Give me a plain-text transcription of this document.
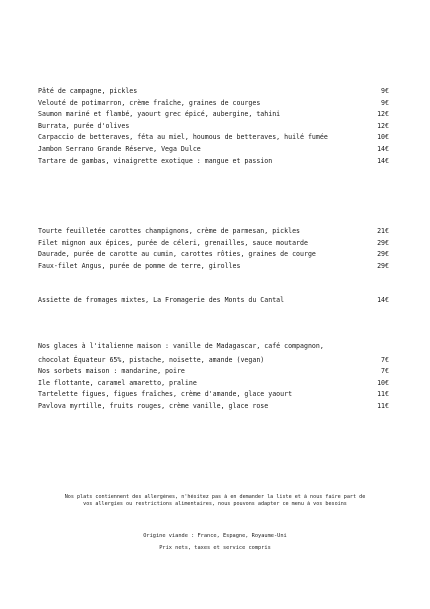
Pâté de campagne, pickles	9€
Velouté de potimarron, crème fraîche, graines de courges	9€
Saumon mariné et flambé, yaourt grec épicé, aubergine, tahini	12€
Burrata, purée d'olives	12€
Carpaccio de betteraves, féta au miel, houmous de betteraves, huilé fumée	10€
Jambon Serrano Grande Réserve, Vega Dulce	14€
Tartare de gambas, vinaigrette exotique : mangue et passion	14€
Tourte feuilletée carottes champignons, crème de parmesan, pickles	21€
Filet mignon aux épices, purée de céleri, grenailles, sauce moutarde	29€
Daurade, purée de carotte au cumin, carottes rôties, graines de courge	29€
Faux-filet Angus, purée de pomme de terre, girolles	29€
Assiette de fromages mixtes, La Fromagerie des Monts du Cantal	14€
Nos glaces à l'italienne maison : vanille de Madagascar, café compagnon,
chocolat Équateur 65%, pistache, noisette, amande (vegan)	7€
Nos sorbets maison : mandarine, poire	7€
Ile flottante, caramel amaretto, praline	10€
Tartelette figues, figues fraîches, crème d'amande, glace yaourt	11€
Pavlova myrtille, fruits rouges, crème vanille, glace rose	11€
Nos plats contiennent des allergènes, n'hésitez pas à en demander la liste et à nous faire part de
vos allergies ou restrictions alimentaires, nous pouvons adapter ce menu à vos besoins
Origine viande : France, Espagne, Royaume-Uni
Prix nets, taxes et service compris
